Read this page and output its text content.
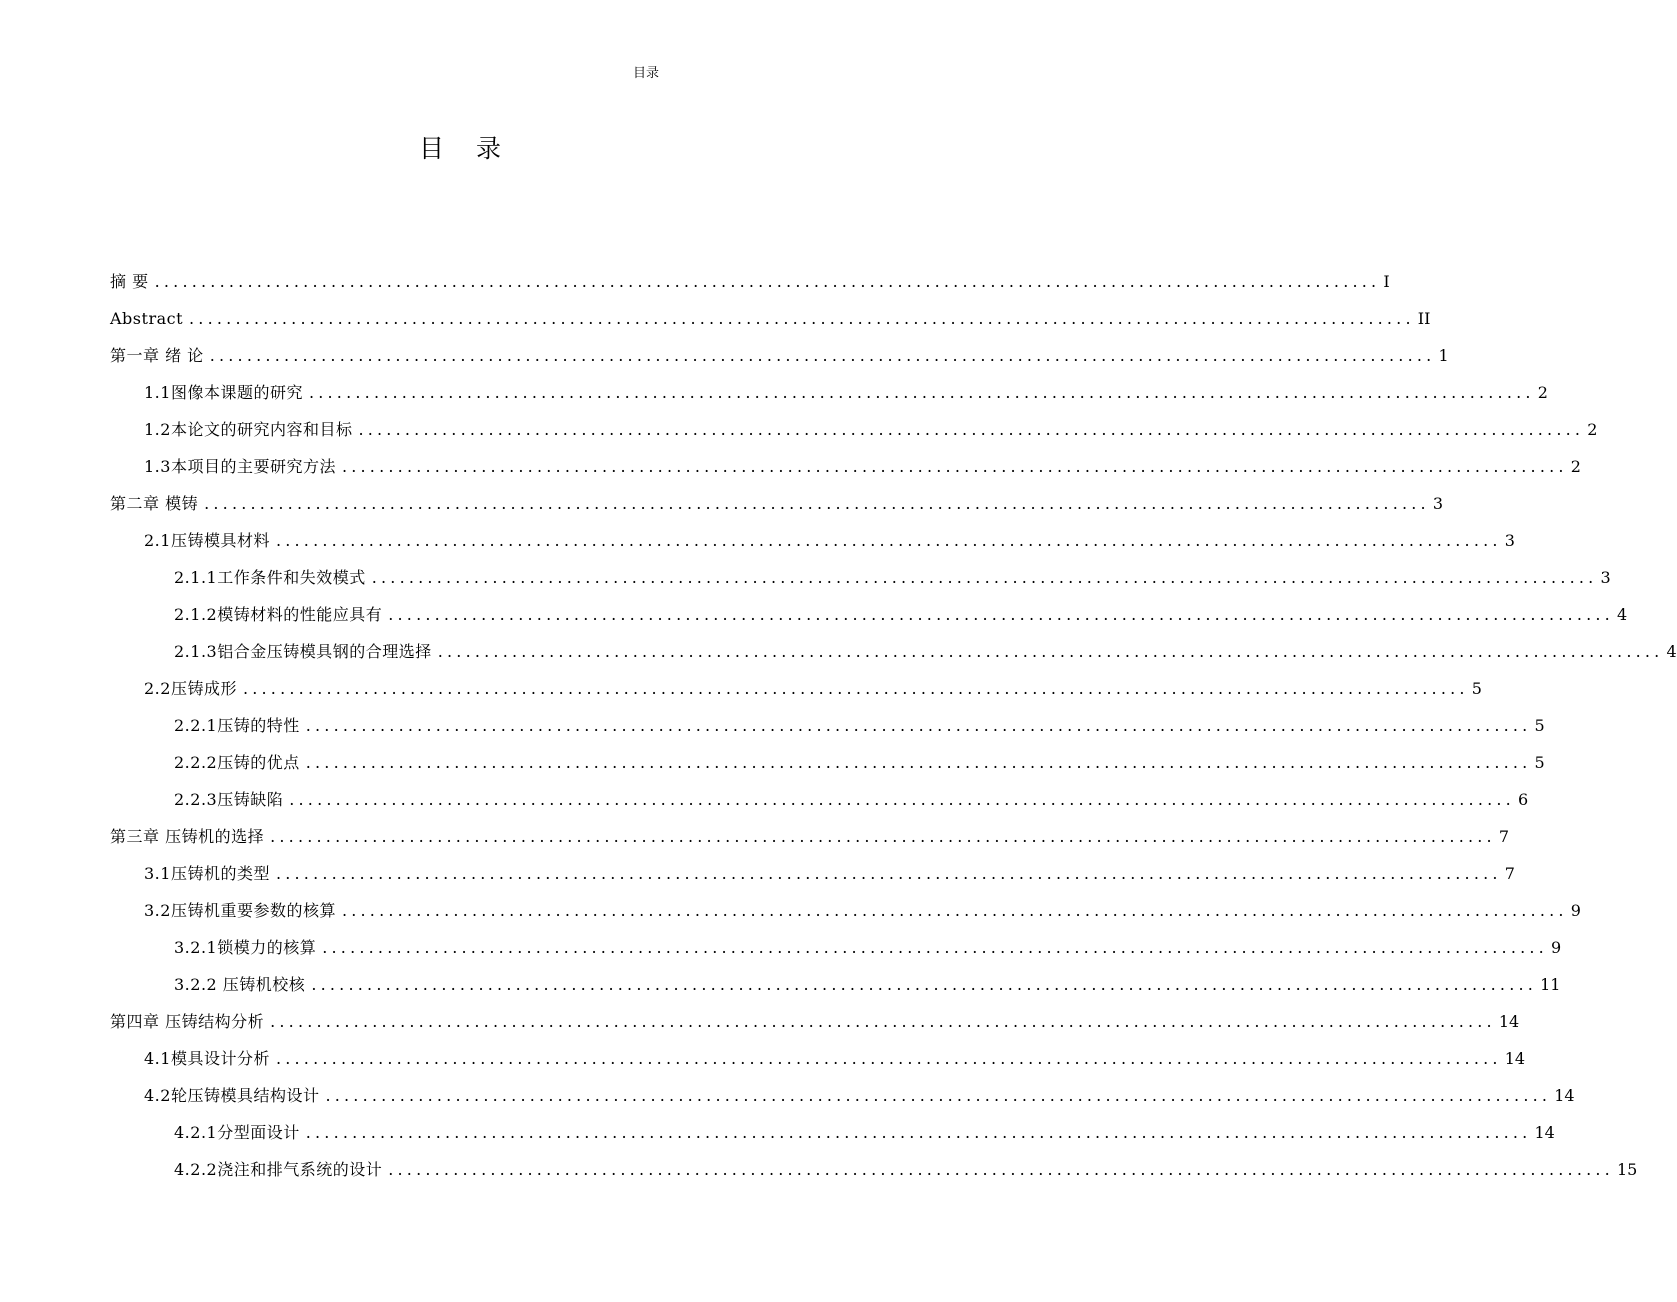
目录
目 录
摘 要 .................................................................................................................................... I
Abstract .................................................................................................................................... II
第一章 绪 论 .................................................................................................................................... 1
1.1图像本课题的研究 .................................................................................................................................... 2
1.2本论文的研究内容和目标 .................................................................................................................................... 2
1.3本项目的主要研究方法 .................................................................................................................................... 2
第二章 模铸 .................................................................................................................................... 3
2.1压铸模具材料 .................................................................................................................................... 3
2.1.1工作条件和失效模式 .................................................................................................................................... 3
2.1.2模铸材料的性能应具有 .................................................................................................................................... 4
2.1.3铝合金压铸模具钢的合理选择 .................................................................................................................................... 4
2.2压铸成形 .................................................................................................................................... 5
2.2.1压铸的特性 .................................................................................................................................... 5
2.2.2压铸的优点 .................................................................................................................................... 5
2.2.3压铸缺陷 .................................................................................................................................... 6
第三章 压铸机的选择 .................................................................................................................................... 7
3.1压铸机的类型 .................................................................................................................................... 7
3.2压铸机重要参数的核算 .................................................................................................................................... 9
3.2.1锁模力的核算 .................................................................................................................................... 9
3.2.2 压铸机校核 .................................................................................................................................... 11
第四章 压铸结构分析 .................................................................................................................................... 14
4.1模具设计分析 .................................................................................................................................... 14
4.2轮压铸模具结构设计 .................................................................................................................................... 14
4.2.1分型面设计 .................................................................................................................................... 14
4.2.2浇注和排气系统的设计 .................................................................................................................................... 15
